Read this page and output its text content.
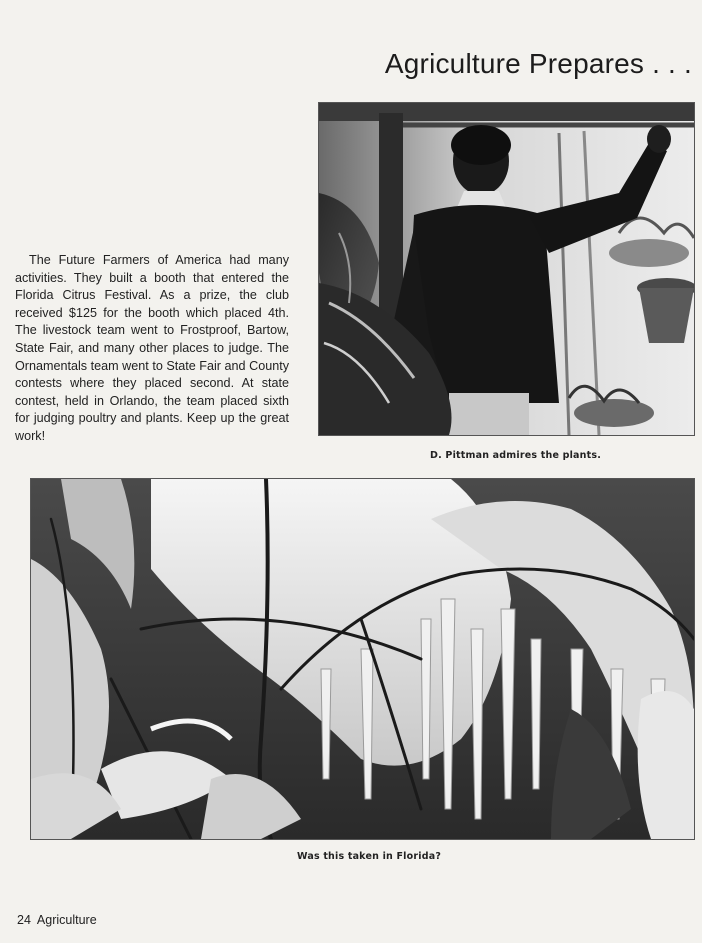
Agriculture Prepares . . .

The Future Farmers of America had many activities. They built a booth that entered the Florida Citrus Festival. As a prize, the club received $125 for the booth which placed 4th. The livestock team went to Frostproof, Bartow, State Fair, and many other places to judge. The Ornamentals team went to State Fair and County contests where they placed second. At state contest, held in Orlando, the team placed sixth for judging poultry and plants. Keep up the great work!

D. Pittman admires the plants.
Was this taken in Florida?
24 Agriculture
